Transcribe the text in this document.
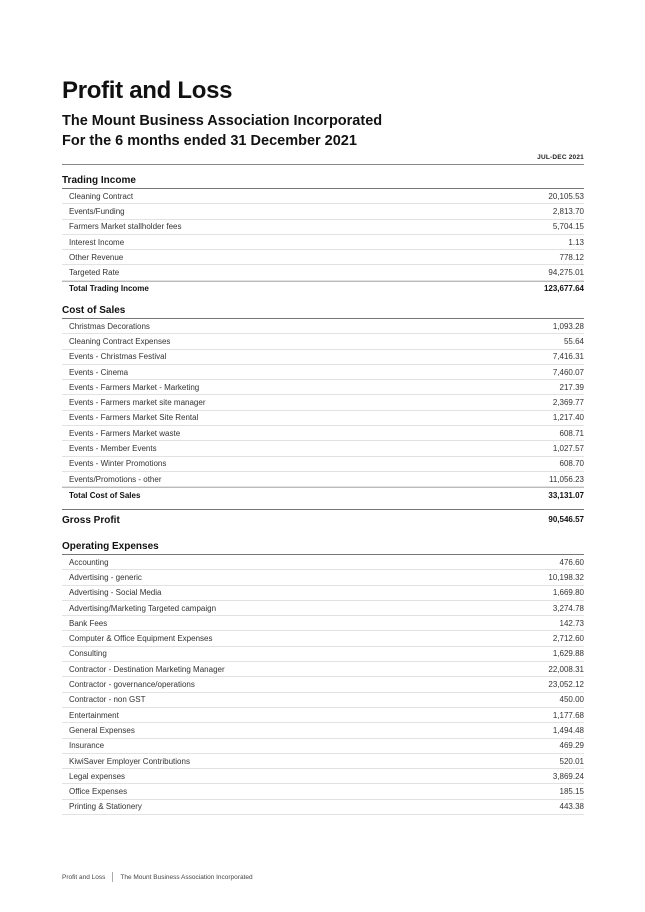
Profit and Loss
The Mount Business Association Incorporated
For the 6 months ended 31 December 2021
JUL-DEC 2021
Trading Income
Cleaning Contract	20,105.53
Events/Funding	2,813.70
Farmers Market stallholder fees	5,704.15
Interest Income	1.13
Other Revenue	778.12
Targeted Rate	94,275.01
Total Trading Income	123,677.64
Cost of Sales
Christmas Decorations	1,093.28
Cleaning Contract Expenses	55.64
Events - Christmas Festival	7,416.31
Events - Cinema	7,460.07
Events - Farmers Market - Marketing	217.39
Events - Farmers market site manager	2,369.77
Events - Farmers Market Site Rental	1,217.40
Events - Farmers Market waste	608.71
Events - Member Events	1,027.57
Events - Winter Promotions	608.70
Events/Promotions - other	11,056.23
Total Cost of Sales	33,131.07
Gross Profit	90,546.57
Operating Expenses
Accounting	476.60
Advertising - generic	10,198.32
Advertising - Social Media	1,669.80
Advertising/Marketing Targeted campaign	3,274.78
Bank Fees	142.73
Computer & Office Equipment Expenses	2,712.60
Consulting	1,629.88
Contractor - Destination Marketing Manager	22,008.31
Contractor - governance/operations	23,052.12
Contractor - non GST	450.00
Entertainment	1,177.68
General Expenses	1,494.48
Insurance	469.29
KiwiSaver Employer Contributions	520.01
Legal expenses	3,869.24
Office Expenses	185.15
Printing & Stationery	443.38
Profit and Loss The Mount Business Association Incorporated
